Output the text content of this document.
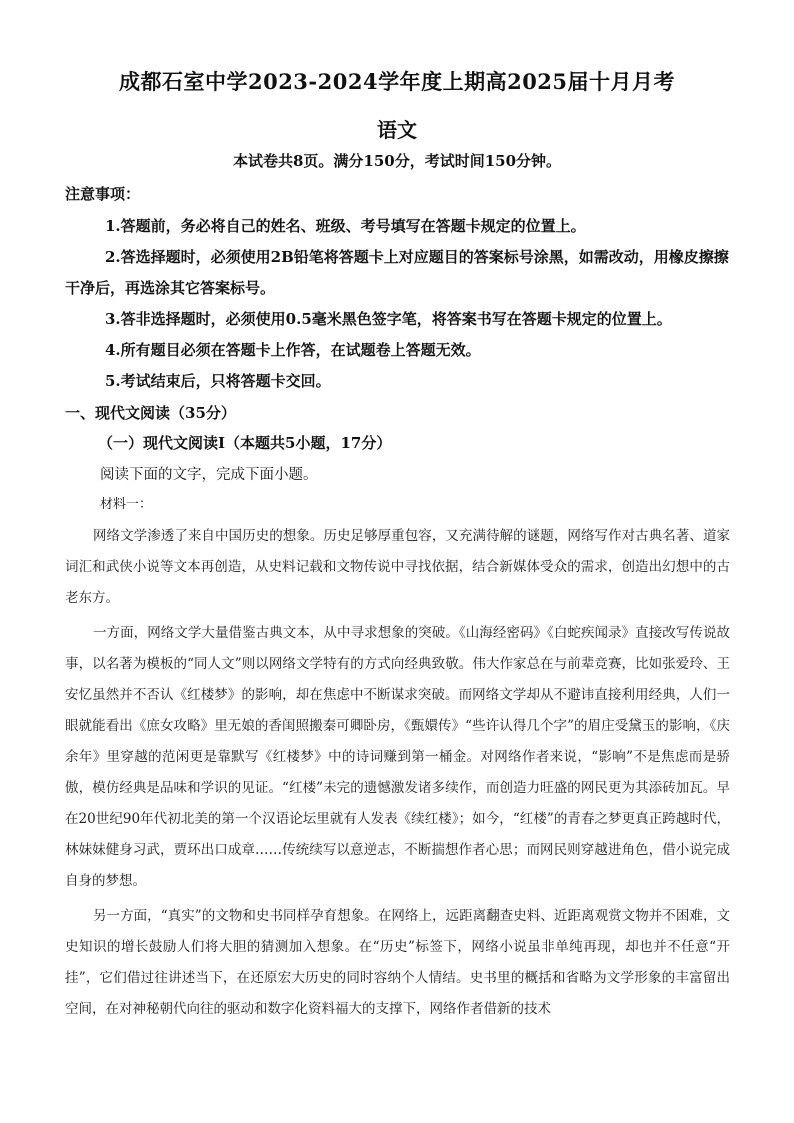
成都石室中学2023-2024学年度上期高2025届十月月考
语文
本试卷共8页。满分150分，考试时间150分钟。
注意事项：
1.答题前，务必将自己的姓名、班级、考号填写在答题卡规定的位置上。
2.答选择题时，必须使用2B铅笔将答题卡上对应题目的答案标号涂黑，如需改动，用橡皮擦擦干净后，再选涂其它答案标号。
3.答非选择题时，必须使用0.5毫米黑色签字笔，将答案书写在答题卡规定的位置上。
4.所有题目必须在答题卡上作答，在试题卷上答题无效。
5.考试结束后，只将答题卡交回。
一、现代文阅读（35分）
（一）现代文阅读Ⅰ（本题共5小题，17分）
阅读下面的文字，完成下面小题。
材料一：

网络文学渗透了来自中国历史的想象。历史足够厚重包容，又充满待解的谜题，网络写作对古典名著、道家词汇和武侠小说等文本再创造，从史料记载和文物传说中寻找依据，结合新媒体受众的需求，创造出幻想中的古老东方。

一方面，网络文学大量借鉴古典文本，从中寻求想象的突破。《山海经密码》《白蛇疾闻录》直接改写传说故事，以名著为模板的“同人文”则以网络文学特有的方式向经典致敬。伟大作家总在与前辈竞赛，比如张爱玲、王安忆虽然并不否认《红楼梦》的影响，却在焦虑中不断谋求突破。而网络文学却从不避讳直接利用经典，人们一眼就能看出《庶女攻略》里无娘的香闺照搬秦可卿卧房，《甄嬛传》“些许认得几个字”的眉庄受黛玉的影响，《庆余年》里穿越的范闲更是靠默写《红楼梦》中的诗词赚到第一桶金。对网络作者来说，“影响”不是焦虑而是骄傲，模仿经典是品味和学识的见证。“红楼”未完的遗憾激发诸多续作，而创造力旺盛的网民更为其添砖加瓦。早在20世纪90年代初北美的第一个汉语论坛里就有人发表《续红楼》；如今，“红楼”的青春之梦更真正跨越时代，林妹妹健身习武，贾环出口成章……传统续写以意逆志，不断揣想作者心思；而网民则穿越进角色，借小说完成自身的梦想。

另一方面，“真实”的文物和史书同样孕育想象。在网络上，远距离翻查史料、近距离观赏文物并不困难，文史知识的增长鼓励人们将大胆的猜测加入想象。在“历史”标签下，网络小说虽非单纯再现，却也并不任意“开挂”，它们借过往讲述当下，在还原宏大历史的同时容纳个人情结。史书里的概括和省略为文学形象的丰富留出空间，在对神秘朝代向往的驱动和数字化资料福大的支撑下，网络作者借新的技术
